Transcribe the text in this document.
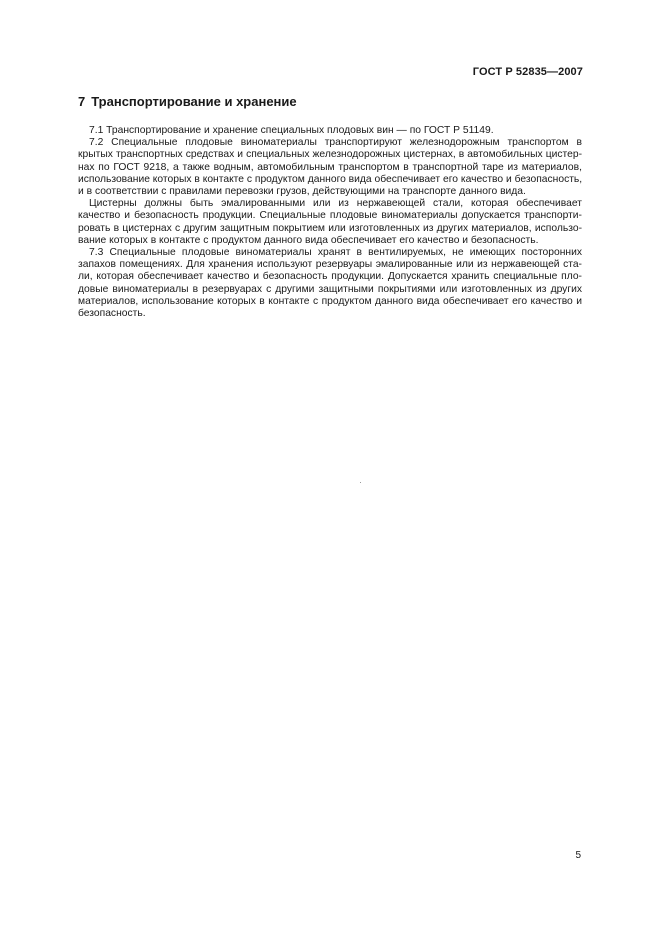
ГОСТ Р 52835—2007
7 Транспортирование и хранение
7.1 Транспортирование и хранение специальных плодовых вин — по ГОСТ Р 51149.
7.2 Специальные плодовые виноматериалы транспортируют железнодорожным транспортом в
крытых транспортных средствах и специальных железнодорожных цистернах, в автомобильных цистер-
нах по ГОСТ 9218, а также водным, автомобильным транспортом в транспортной таре из материалов,
использование которых в контакте с продуктом данного вида обеспечивает его качество и безопасность,
и в соответствии с правилами перевозки грузов, действующими на транспорте данного вида.
Цистерны должны быть эмалированными или из нержавеющей стали, которая обеспечивает
качество и безопасность продукции. Специальные плодовые виноматериалы допускается транспорти-
ровать в цистернах с другим защитным покрытием или изготовленных из других материалов, использо-
вание которых в контакте с продуктом данного вида обеспечивает его качество и безопасность.
7.3 Специальные плодовые виноматериалы хранят в вентилируемых, не имеющих посторонних
запахов помещениях. Для хранения используют резервуары эмалированные или из нержавеющей ста-
ли, которая обеспечивает качество и безопасность продукции. Допускается хранить специальные пло-
довые виноматериалы в резервуарах с другими защитными покрытиями или изготовленных из других
материалов, использование которых в контакте с продуктом данного вида обеспечивает его качество и
безопасность.
5
